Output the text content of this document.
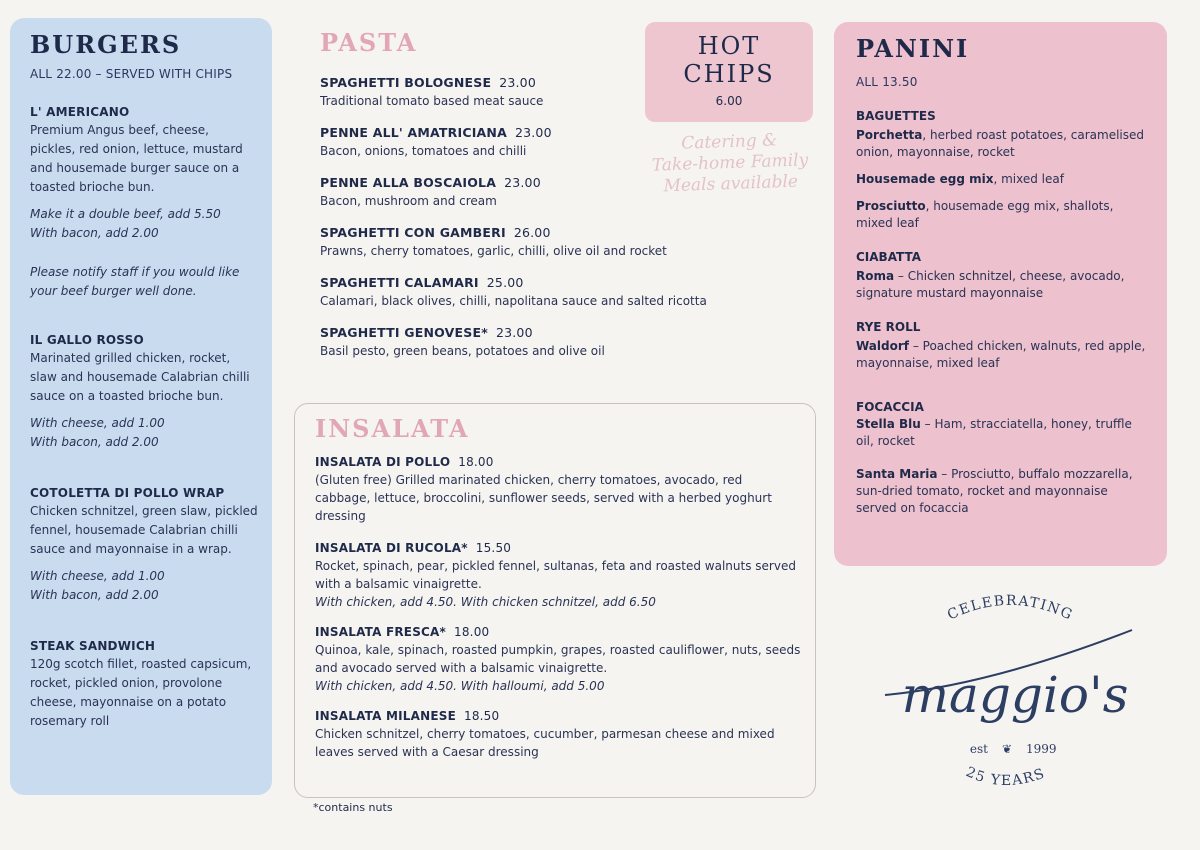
BURGERS
ALL 22.00 – SERVED WITH CHIPS
L' AMERICANO
Premium Angus beef, cheese, pickles, red onion, lettuce, mustard and housemade burger sauce on a toasted brioche bun.
Make it a double beef, add 5.50
With bacon, add 2.00
Please notify staff if you would like your beef burger well done.
IL GALLO ROSSO
Marinated grilled chicken, rocket, slaw and housemade Calabrian chilli sauce on a toasted brioche bun.
With cheese, add 1.00
With bacon, add 2.00
COTOLETTA DI POLLO WRAP
Chicken schnitzel, green slaw, pickled fennel, housemade Calabrian chilli sauce and mayonnaise in a wrap.
With cheese, add 1.00
With bacon, add 2.00
STEAK SANDWICH
120g scotch fillet, roasted capsicum, rocket, pickled onion, provolone cheese, mayonnaise on a potato rosemary roll
PASTA
SPAGHETTI BOLOGNESE 23.00
Traditional tomato based meat sauce
PENNE ALL' AMATRICIANA 23.00
Bacon, onions, tomatoes and chilli
PENNE ALLA BOSCAIOLA 23.00
Bacon, mushroom and cream
SPAGHETTI CON GAMBERI 26.00
Prawns, cherry tomatoes, garlic, chilli, olive oil and rocket
SPAGHETTI CALAMARI 25.00
Calamari, black olives, chilli, napolitana sauce and salted ricotta
SPAGHETTI GENOVESE* 23.00
Basil pesto, green beans, potatoes and olive oil
HOT
CHIPS
6.00
Catering &
Take-home Family
Meals available
INSALATA
INSALATA DI POLLO 18.00
(Gluten free) Grilled marinated chicken, cherry tomatoes, avocado, red cabbage, lettuce, broccolini, sunflower seeds, served with a herbed yoghurt dressing
INSALATA DI RUCOLA* 15.50
Rocket, spinach, pear, pickled fennel, sultanas, feta and roasted walnuts served with a balsamic vinaigrette.
With chicken, add 4.50. With chicken schnitzel, add 6.50
INSALATA FRESCA* 18.00
Quinoa, kale, spinach, roasted pumpkin, grapes, roasted cauliflower, nuts, seeds and avocado served with a balsamic vinaigrette.
With chicken, add 4.50. With halloumi, add 5.00
INSALATA MILANESE 18.50
Chicken schnitzel, cherry tomatoes, cucumber, parmesan cheese and mixed leaves served with a Caesar dressing
*contains nuts
PANINI
ALL 13.50
BAGUETTES
Porchetta, herbed roast potatoes, caramelised onion, mayonnaise, rocket
Housemade egg mix, mixed leaf
Prosciutto, housemade egg mix, shallots, mixed leaf
CIABATTA
Roma – Chicken schnitzel, cheese, avocado, signature mustard mayonnaise
RYE ROLL
Waldorf – Poached chicken, walnuts, red apple, mayonnaise, mixed leaf
FOCACCIA
Stella Blu – Ham, stracciatella, honey, truffle oil, rocket
Santa Maria – Prosciutto, buffalo mozzarella, sun-dried tomato, rocket and mayonnaise served on focaccia
CELEBRATING
maggio's
est ❦ 1999
25 YEARS
